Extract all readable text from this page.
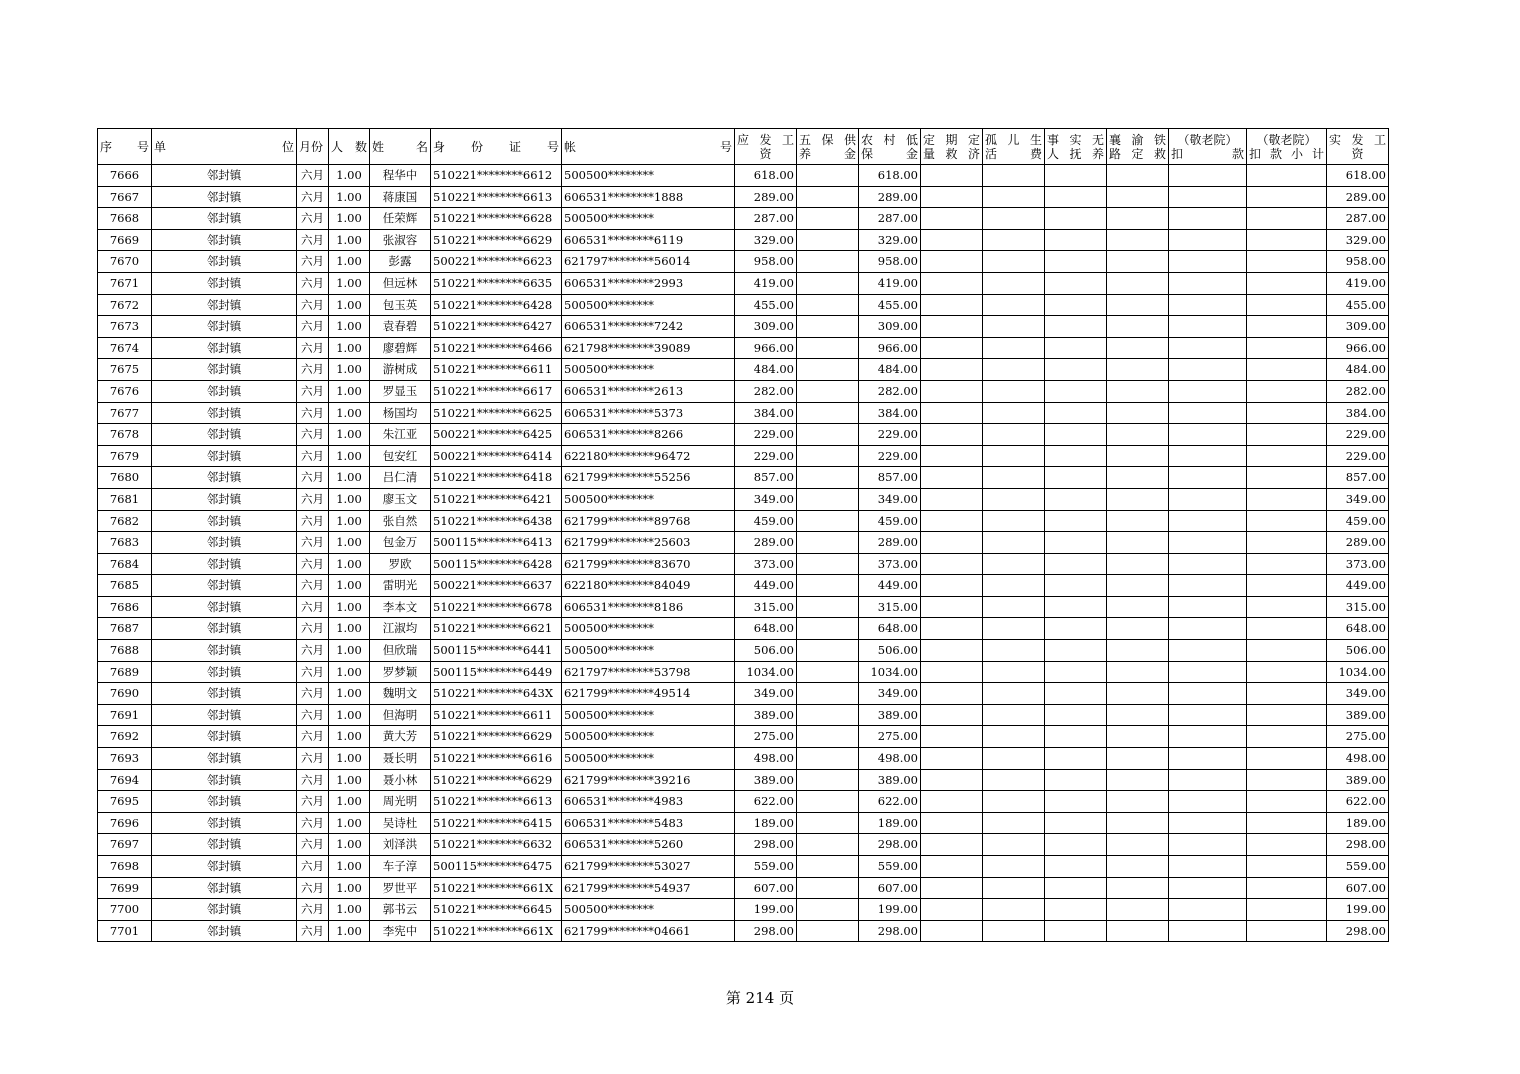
序　号	单　　　　　　　　位	月份	人 数	姓　　名	身　份　证　号	帐　　　　　　　　　　　号	应 发 工
资	五 保 供
养　　金	农 村 低
保　　金	定 期 定
量 救 济	孤 儿 生
活　　费	事 实 无
人 抚 养	襄 渝 铁
路 定 救	（敬老院）
扣　　　款	（敬老院）
扣 款 小 计	实 发 工
资

7666	邻封镇	六月	1.00	程华中	510221********6612	500500********	618.00		618.00							618.00
7667	邻封镇	六月	1.00	蒋康国	510221********6613	606531********1888	289.00		289.00							289.00
7668	邻封镇	六月	1.00	任荣辉	510221********6628	500500********	287.00		287.00							287.00
7669	邻封镇	六月	1.00	张淑容	510221********6629	606531********6119	329.00		329.00							329.00
7670	邻封镇	六月	1.00	彭露	500221********6623	621797********56014	958.00		958.00							958.00
7671	邻封镇	六月	1.00	但远林	510221********6635	606531********2993	419.00		419.00							419.00
7672	邻封镇	六月	1.00	包玉英	510221********6428	500500********	455.00		455.00							455.00
7673	邻封镇	六月	1.00	袁春碧	510221********6427	606531********7242	309.00		309.00							309.00
7674	邻封镇	六月	1.00	廖碧辉	510221********6466	621798********39089	966.00		966.00							966.00
7675	邻封镇	六月	1.00	游树成	510221********6611	500500********	484.00		484.00							484.00
7676	邻封镇	六月	1.00	罗显玉	510221********6617	606531********2613	282.00		282.00							282.00
7677	邻封镇	六月	1.00	杨国均	510221********6625	606531********5373	384.00		384.00							384.00
7678	邻封镇	六月	1.00	朱江亚	500221********6425	606531********8266	229.00		229.00							229.00
7679	邻封镇	六月	1.00	包安红	500221********6414	622180********96472	229.00		229.00							229.00
7680	邻封镇	六月	1.00	吕仁清	510221********6418	621799********55256	857.00		857.00							857.00
7681	邻封镇	六月	1.00	廖玉文	510221********6421	500500********	349.00		349.00							349.00
7682	邻封镇	六月	1.00	张自然	510221********6438	621799********89768	459.00		459.00							459.00
7683	邻封镇	六月	1.00	包金万	500115********6413	621799********25603	289.00		289.00							289.00
7684	邻封镇	六月	1.00	罗欧	500115********6428	621799********83670	373.00		373.00							373.00
7685	邻封镇	六月	1.00	雷明光	500221********6637	622180********84049	449.00		449.00							449.00
7686	邻封镇	六月	1.00	李本文	510221********6678	606531********8186	315.00		315.00							315.00
7687	邻封镇	六月	1.00	江淑均	510221********6621	500500********	648.00		648.00							648.00
7688	邻封镇	六月	1.00	但欣瑞	500115********6441	500500********	506.00		506.00							506.00
7689	邻封镇	六月	1.00	罗梦颖	500115********6449	621797********53798	1034.00		1034.00							1034.00
7690	邻封镇	六月	1.00	魏明文	510221********643X	621799********49514	349.00		349.00							349.00
7691	邻封镇	六月	1.00	但海明	510221********6611	500500********	389.00		389.00							389.00
7692	邻封镇	六月	1.00	黄大芳	510221********6629	500500********	275.00		275.00							275.00
7693	邻封镇	六月	1.00	聂长明	510221********6616	500500********	498.00		498.00							498.00
7694	邻封镇	六月	1.00	聂小林	510221********6629	621799********39216	389.00		389.00							389.00
7695	邻封镇	六月	1.00	周光明	510221********6613	606531********4983	622.00		622.00							622.00
7696	邻封镇	六月	1.00	吴诗杜	510221********6415	606531********5483	189.00		189.00							189.00
7697	邻封镇	六月	1.00	刘泽洪	510221********6632	606531********5260	298.00		298.00							298.00
7698	邻封镇	六月	1.00	车子淳	500115********6475	621799********53027	559.00		559.00							559.00
7699	邻封镇	六月	1.00	罗世平	510221********661X	621799********54937	607.00		607.00							607.00
7700	邻封镇	六月	1.00	郭书云	510221********6645	500500********	199.00		199.00							199.00
7701	邻封镇	六月	1.00	李宪中	510221********661X	621799********04661	298.00		298.00							298.00
第 214 页
